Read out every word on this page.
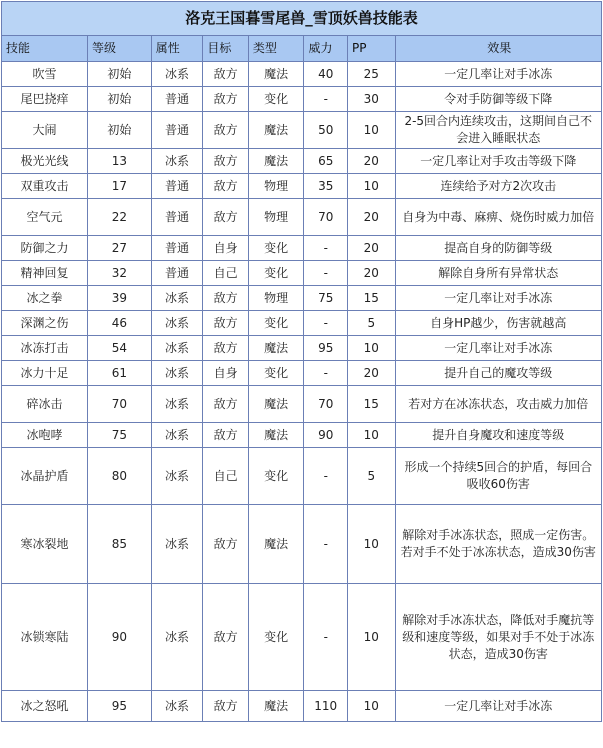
洛克王国暮雪尾兽_雪顶妖兽技能表							
技能	等级	属性	目标	类型	威力	PP	效果
吹雪	初始	冰系	敌方	魔法	40	25	一定几率让对手冰冻
尾巴挠痒	初始	普通	敌方	变化	-	30	令对手防御等级下降
大闹	初始	普通	敌方	魔法	50	10	2-5回合内连续攻击，这期间自己不会进入睡眠状态
极光光线	13	冰系	敌方	魔法	65	20	一定几率让对手攻击等级下降
双重攻击	17	普通	敌方	物理	35	10	连续给予对方2次攻击
空气元	22	普通	敌方	物理	70	20	自身为中毒、麻痹、烧伤时威力加倍
防御之力	27	普通	自身	变化	-	20	提高自身的防御等级
精神回复	32	普通	自己	变化	-	20	解除自身所有异常状态
冰之拳	39	冰系	敌方	物理	75	15	一定几率让对手冰冻
深渊之伤	46	冰系	敌方	变化	-	5	自身HP越少，伤害就越高
冰冻打击	54	冰系	敌方	魔法	95	10	一定几率让对手冰冻
冰力十足	61	冰系	自身	变化	-	20	提升自己的魔攻等级
碎冰击	70	冰系	敌方	魔法	70	15	若对方在冰冻状态，攻击威力加倍
冰咆哮	75	冰系	敌方	魔法	90	10	提升自身魔攻和速度等级
冰晶护盾	80	冰系	自己	变化	-	5	形成一个持续5回合的护盾，每回合吸收60伤害
寒冰裂地	85	冰系	敌方	魔法	-	10	解除对手冰冻状态，照成一定伤害。若对手不处于冰冻状态，造成30伤害
冰锁寒陆	90	冰系	敌方	变化	-	10	解除对手冰冻状态，降低对手魔抗等级和速度等级，如果对手不处于冰冻状态，造成30伤害
冰之怒吼	95	冰系	敌方	魔法	110	10	一定几率让对手冰冻
